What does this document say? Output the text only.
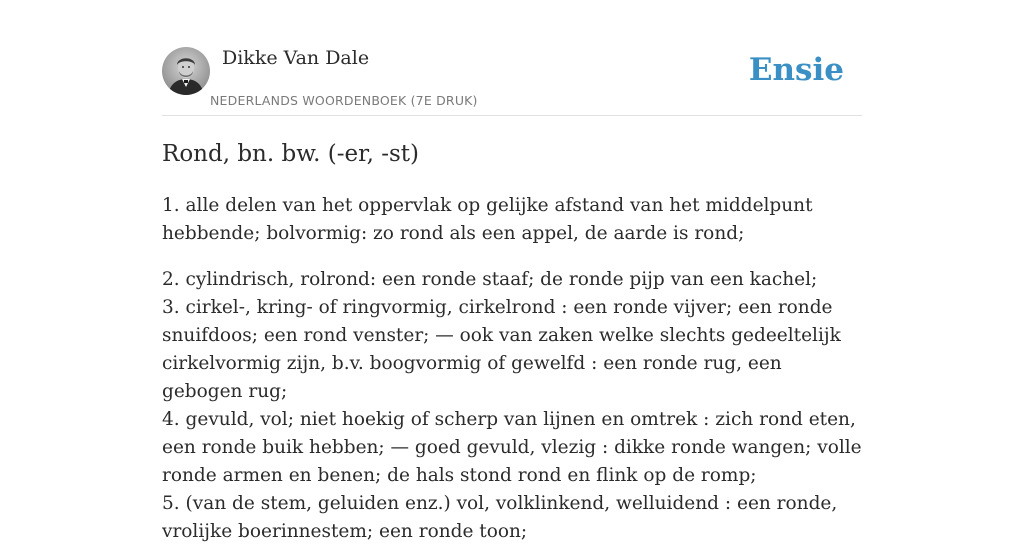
Dikke Van Dale
NEDERLANDS WOORDENBOEK (7E DRUK)
Ensie
Rond, bn. bw. (-er, -st)

1. alle delen van het oppervlak op gelijke afstand van het middelpunt hebbende; bolvormig: zo rond als een appel, de aarde is rond;

2. cylindrisch, rolrond: een ronde staaf; de ronde pijp van een kachel;

3. cirkel-, kring- of ringvormig, cirkelrond : een ronde vijver; een ronde snuifdoos; een rond venster; — ook van zaken welke slechts gedeeltelijk cirkelvormig zijn, b.v. boogvormig of gewelfd : een ronde rug, een gebogen rug;

4. gevuld, vol; niet hoekig of scherp van lijnen en omtrek : zich rond eten, een ronde buik hebben; — goed gevuld, vlezig : dikke ronde wangen; volle ronde armen en benen; de hals stond rond en flink op de romp;

5. (van de stem, geluiden enz.) vol, volklinkend, welluidend : een ronde, vrolijke boerinnestem; een ronde toon;
